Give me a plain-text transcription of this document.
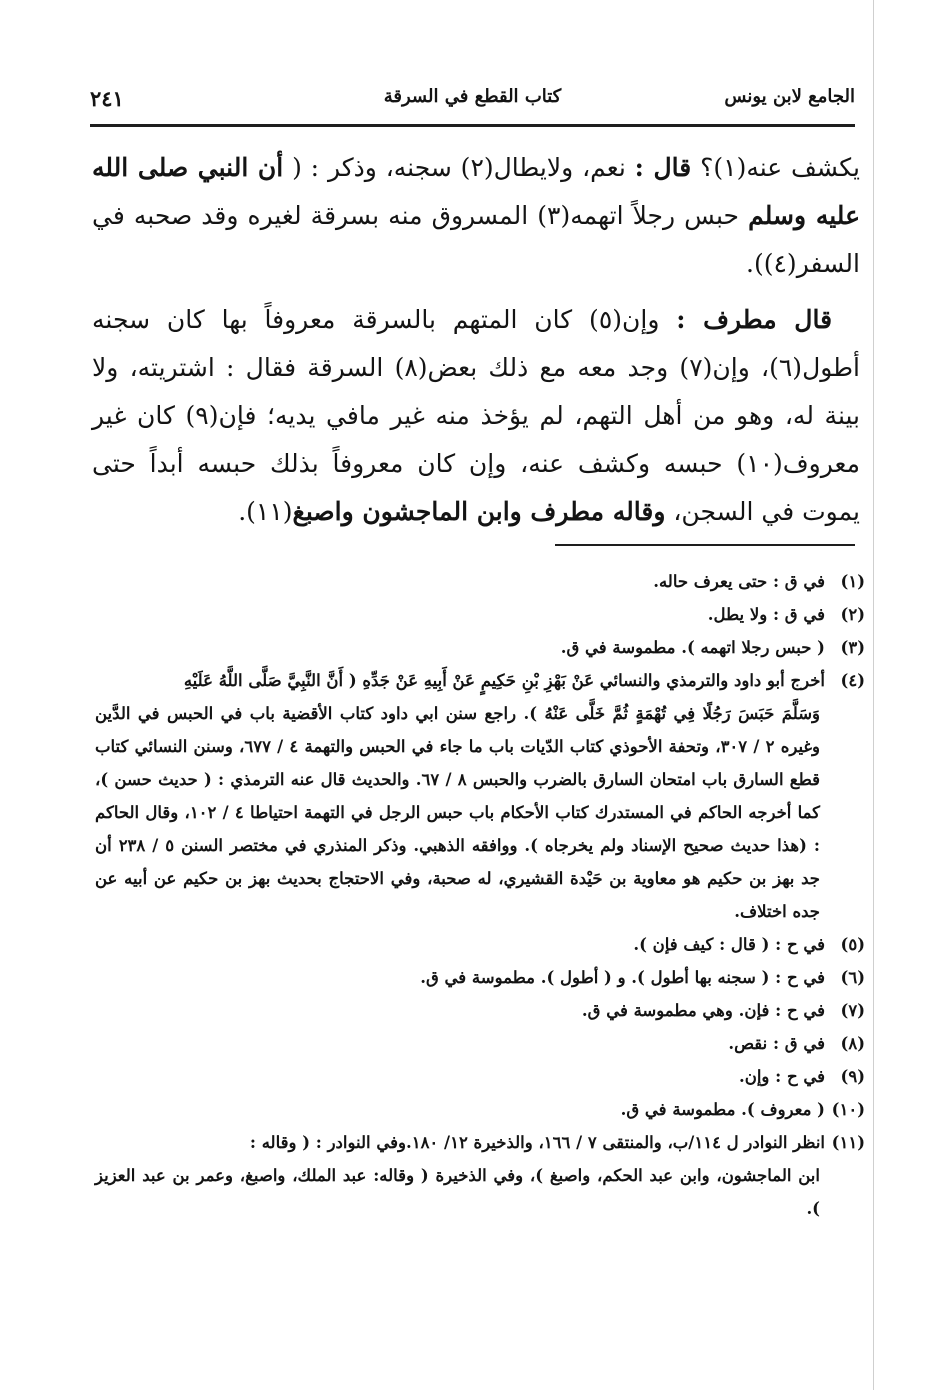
الجامع لابن يونس
كتاب القطع في السرقة
٢٤١

يكشف عنه(١)؟ قال : نعم، ولايطال(٢) سجنه، وذكر : ( أن النبي صلى الله عليه وسلم حبس رجلاً اتهمه(٣) المسروق منه بسرقة لغيره وقد صحبه في السفر(٤)).

قال مطرف : وإن(٥) كان المتهم بالسرقة معروفاً بها كان سجنه أطول(٦)، وإن(٧) وجد معه مع ذلك بعض(٨) السرقة فقال : اشتريته، ولا بينة له، وهو من أهل التهم، لم يؤخذ منه غير مافي يديه؛ فإن(٩) كان غير معروف(١٠) حبسه وكشف عنه، وإن كان معروفاً بذلك حبسه أبداً حتى يموت في السجن، وقاله مطرف وابن الماجشون واصبغ(١١).

(١)في ق : حتى يعرف حاله.
(٢)في ق : ولا يطل.
(٣)( حبس رجلا اتهمه ). مطموسة في ق.
(٤)أخرج أبو داود والترمذي والنسائي عَنْ بَهْزِ بْنِ حَكِيمٍ عَنْ أَبِيهِ عَنْ جَدِّهِ ( أَنَّ النَّبِيَّ صَلَّى اللَّهُ عَلَيْهِ
وَسَلَّمَ حَبَسَ رَجُلًا فِي تُهْمَةٍ ثُمَّ خَلَّى عَنْهُ ). راجع سنن ابي داود كتاب الأقضية باب في الحبس في الدَّين وغيره ٢ / ٣٠٧، وتحفة الأحوذي كتاب الدّيات باب ما جاء في الحبس والتهمة ٤ / ٦٧٧، وسنن النسائي كتاب قطع السارق باب امتحان السارق بالضرب والحبس ٨ / ٦٧. والحديث قال عنه الترمذي : ( حديث حسن )، كما أخرجه الحاكم في المستدرك كتاب الأحكام باب حبس الرجل في التهمة احتياطا ٤ / ١٠٢، وقال الحاكم : (هذا حديث صحيح الإسناد ولم يخرجاه ). ووافقه الذهبي. وذكر المنذري في مختصر السنن ٥ / ٢٣٨ أن جد بهز بن حكيم هو معاوية بن حَيْدة القشيري، له صحبة، وفي الاحتجاج بحديث بهز بن حكيم عن أبيه عن جده اختلاف.
(٥)في ح : ( قال : كيف فإن ).
(٦)في ح : ( سجنه بها أطول ). و ( أطول ). مطموسة في ق.
(٧)في ح : فإن. وهي مطموسة في ق.
(٨)في ق : نقص.
(٩)في ح : وإن.
(١٠)( معروف ). مطموسة في ق.
(١١)انظر النوادر ل ١١٤/ب، والمنتقى ٧ / ١٦٦، والذخيرة ١٢/ ١٨٠.وفي النوادر : ( وقاله :
ابن الماجشون، وابن عبد الحكم، واصبغ )، وفي الذخيرة ( وقاله: عبد الملك، واصبغ، وعمر بن عبد العزيز ).
